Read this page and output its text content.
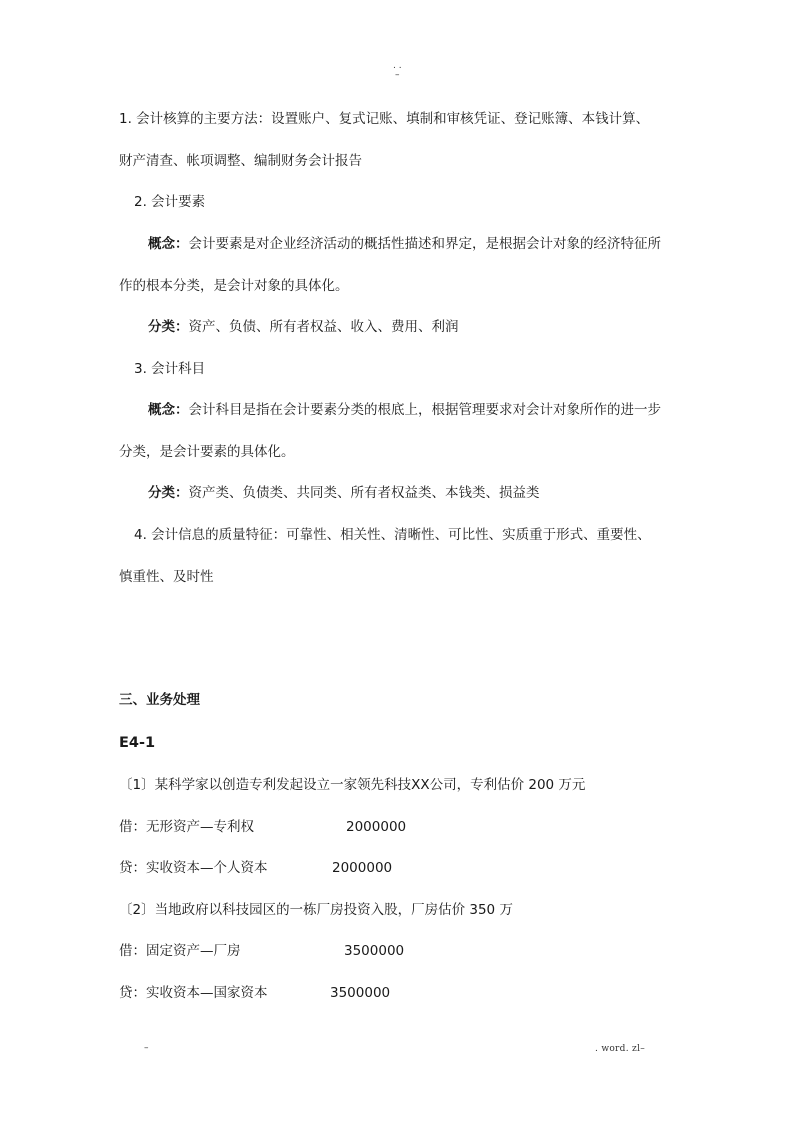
. .
–
1. 会计核算的主要方法：设置账户、复式记账、填制和审核凭证、登记账簿、本钱计算、
财产清查、帐项调整、编制财务会计报告
2. 会计要素
概念：会计要素是对企业经济活动的概括性描述和界定，是根据会计对象的经济特征所
作的根本分类，是会计对象的具体化。
分类：资产、负债、所有者权益、收入、费用、利润
3. 会计科目
概念：会计科目是指在会计要素分类的根底上，根据管理要求对会计对象所作的进一步
分类，是会计要素的具体化。
分类：资产类、负债类、共同类、所有者权益类、本钱类、损益类
4. 会计信息的质量特征：可靠性、相关性、清晰性、可比性、实质重于形式、重要性、
慎重性、及时性
三、业务处理
E4-1
〔1〕某科学家以创造专利发起设立一家领先科技XX公司，专利估价 200 万元
借：无形资产—专利权	2000000
贷：实收资本—个人资本	2000000
〔2〕当地政府以科技园区的一栋厂房投资入股，厂房估价 350 万
借：固定资产—厂房	3500000
贷：实收资本—国家资本	3500000
–	. word. zl–
